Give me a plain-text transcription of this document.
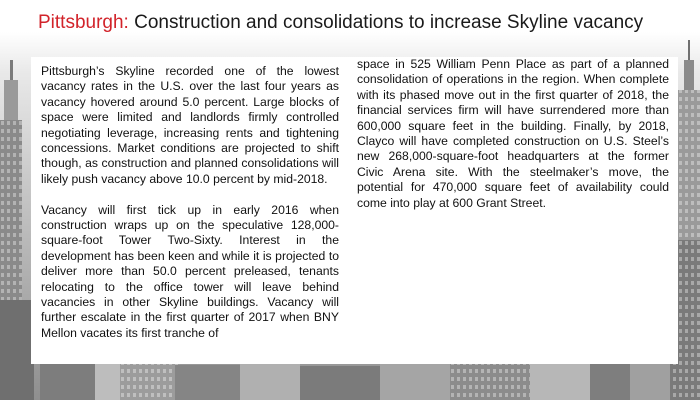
Pittsburgh: Construction and consolidations to increase Skyline vacancy

Pittsburgh’s Skyline recorded one of the lowest vacancy rates in the U.S. over the last four years as vacancy hovered around 5.0 percent. Large blocks of space were limited and landlords firmly controlled negotiating leverage, increasing rents and tightening concessions. Market conditions are projected to shift though, as construction and planned consolidations will likely push vacancy above 10.0 percent by mid-2018.

Vacancy will first tick up in early 2016 when construction wraps up on the speculative 128,000-square-foot Tower Two-Sixty. Interest in the development has been keen and while it is projected to deliver more than 50.0 percent preleased, tenants relocating to the office tower will leave behind vacancies in other Skyline buildings. Vacancy will further escalate in the first quarter of 2017 when BNY Mellon vacates its first tranche of

space in 525 William Penn Place as part of a planned consolidation of operations in the region. When complete with its phased move out in the first quarter of 2018, the financial services firm will have surrendered more than 600,000 square feet in the building. Finally, by 2018, Clayco will have completed construction on U.S. Steel’s new 268,000-square-foot headquarters at the former Civic Arena site. With the steelmaker’s move, the potential for 470,000 square feet of availability could come into play at 600 Grant Street.
